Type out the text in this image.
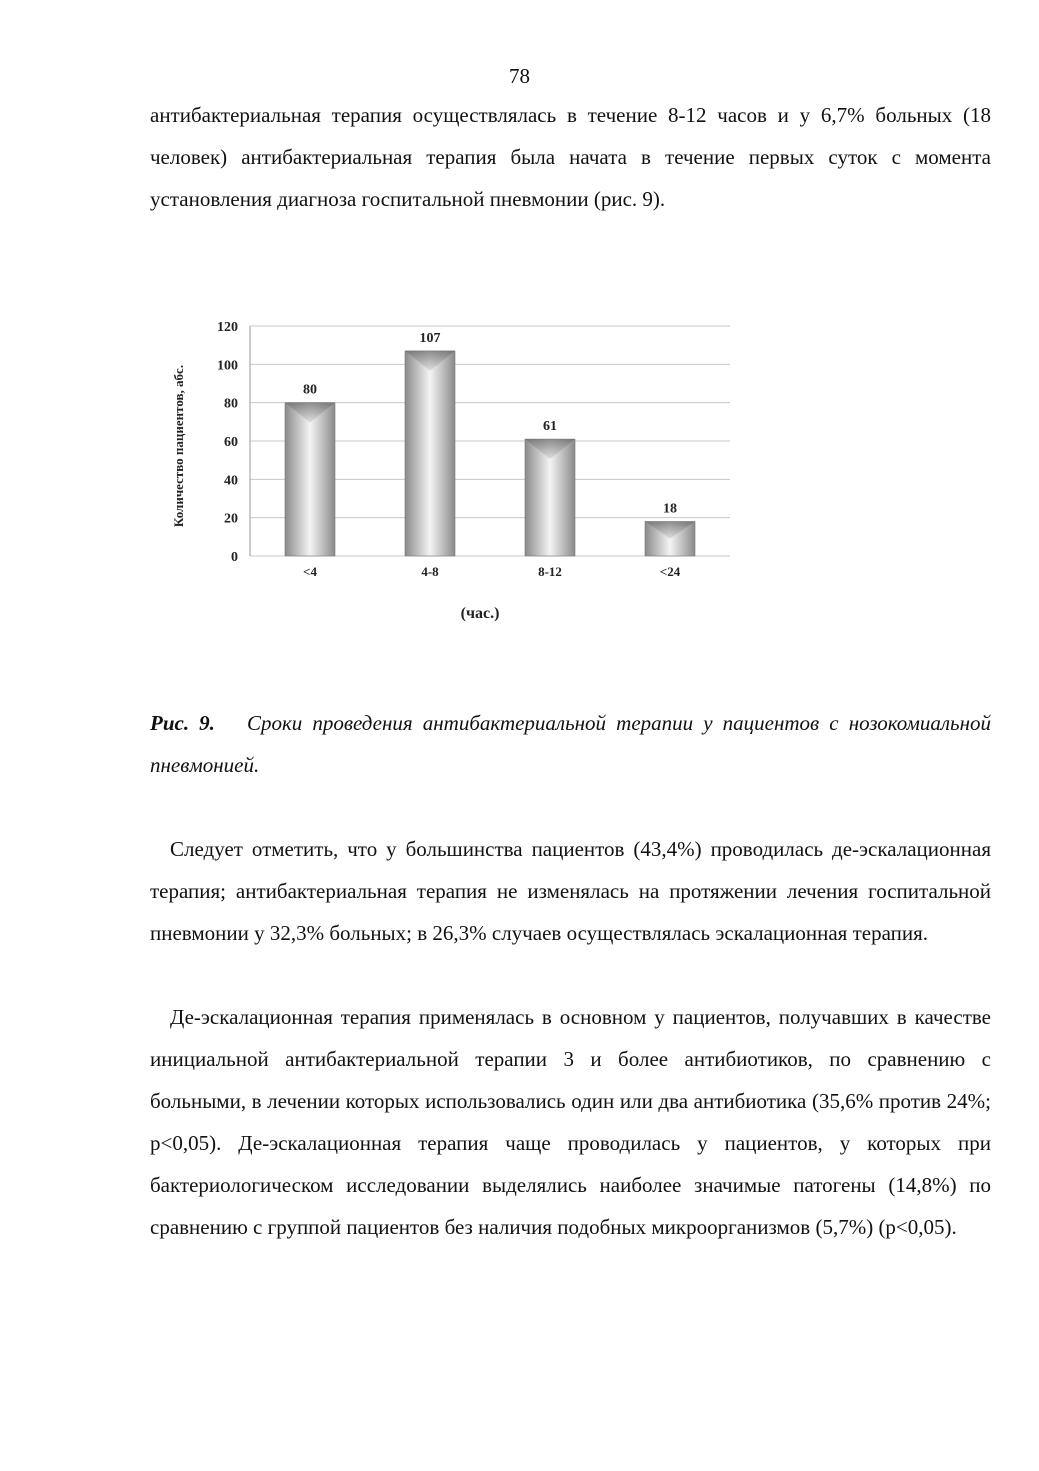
78

антибактериальная терапия осуществлялась в течение 8-12 часов и у 6,7% больных (18 человек) антибактериальная терапия была начата в течение первых суток с момента установления диагноза госпитальной пневмонии (рис. 9).

0
20
40
60
80
100
120
80
107
61
18
<4	4-8	8-12	<24
Количество пациентов, абс.
(час.)

Рис. 9. Сроки проведения антибактериальной терапии у пациентов с нозокомиальной пневмонией.

Следует отметить, что у большинства пациентов (43,4%) проводилась де-эскалационная терапия; антибактериальная терапия не изменялась на протяжении лечения госпитальной пневмонии у 32,3% больных; в 26,3% случаев осуществлялась эскалационная терапия.

Де-эскалационная терапия применялась в основном у пациентов, получавших в качестве инициальной антибактериальной терапии 3 и более антибиотиков, по сравнению с больными, в лечении которых использовались один или два антибиотика (35,6% против 24%; p<0,05). Де-эскалационная терапия чаще проводилась у пациентов, у которых при бактериологическом исследовании выделялись наиболее значимые патогены (14,8%) по сравнению с группой пациентов без наличия подобных микроорганизмов (5,7%) (p<0,05).
